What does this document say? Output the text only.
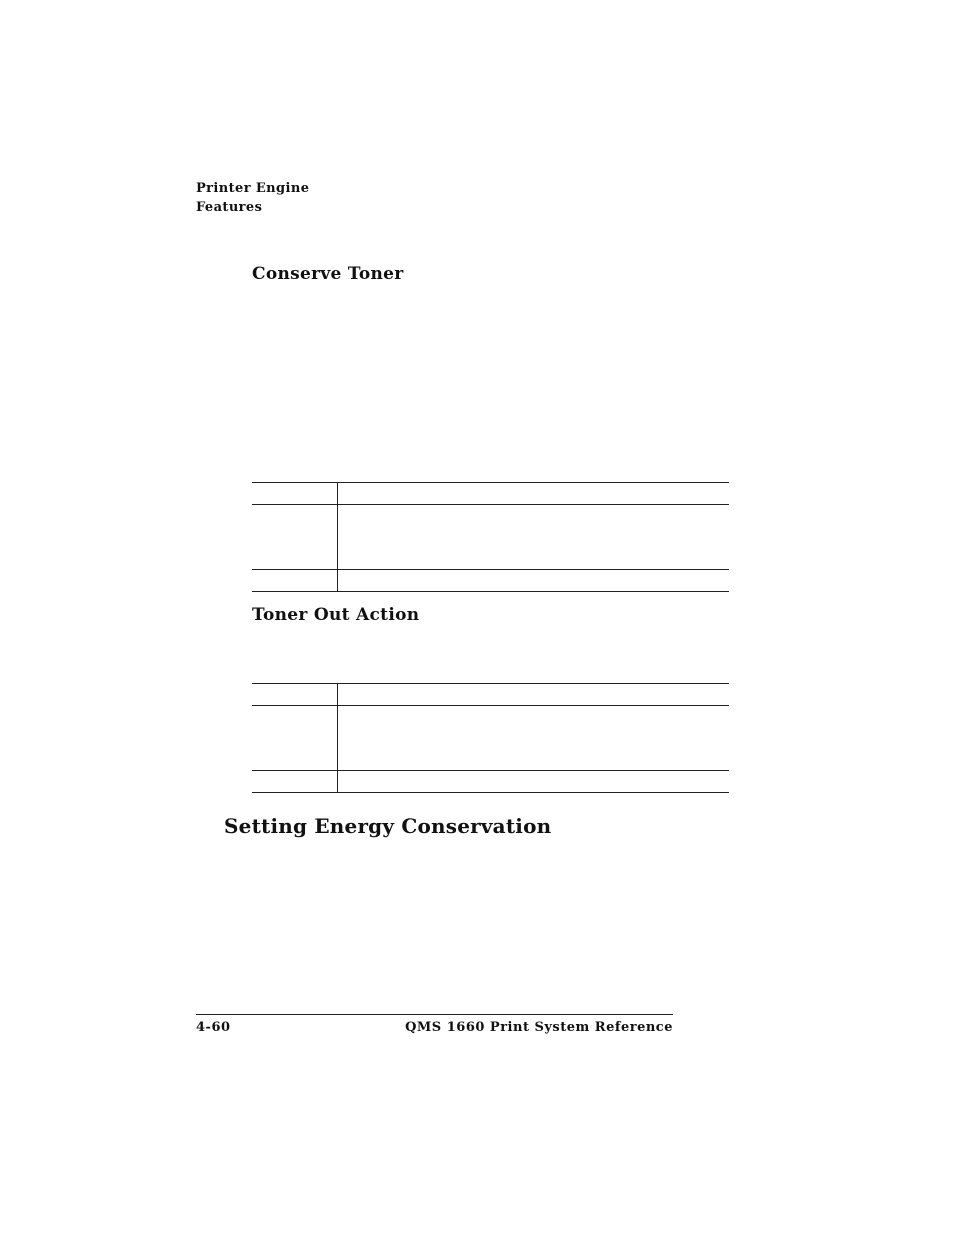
Printer Engine
Features
Conserve Toner
Toner Out Action
Setting Energy Conservation
4-60	QMS 1660 Print System Reference
